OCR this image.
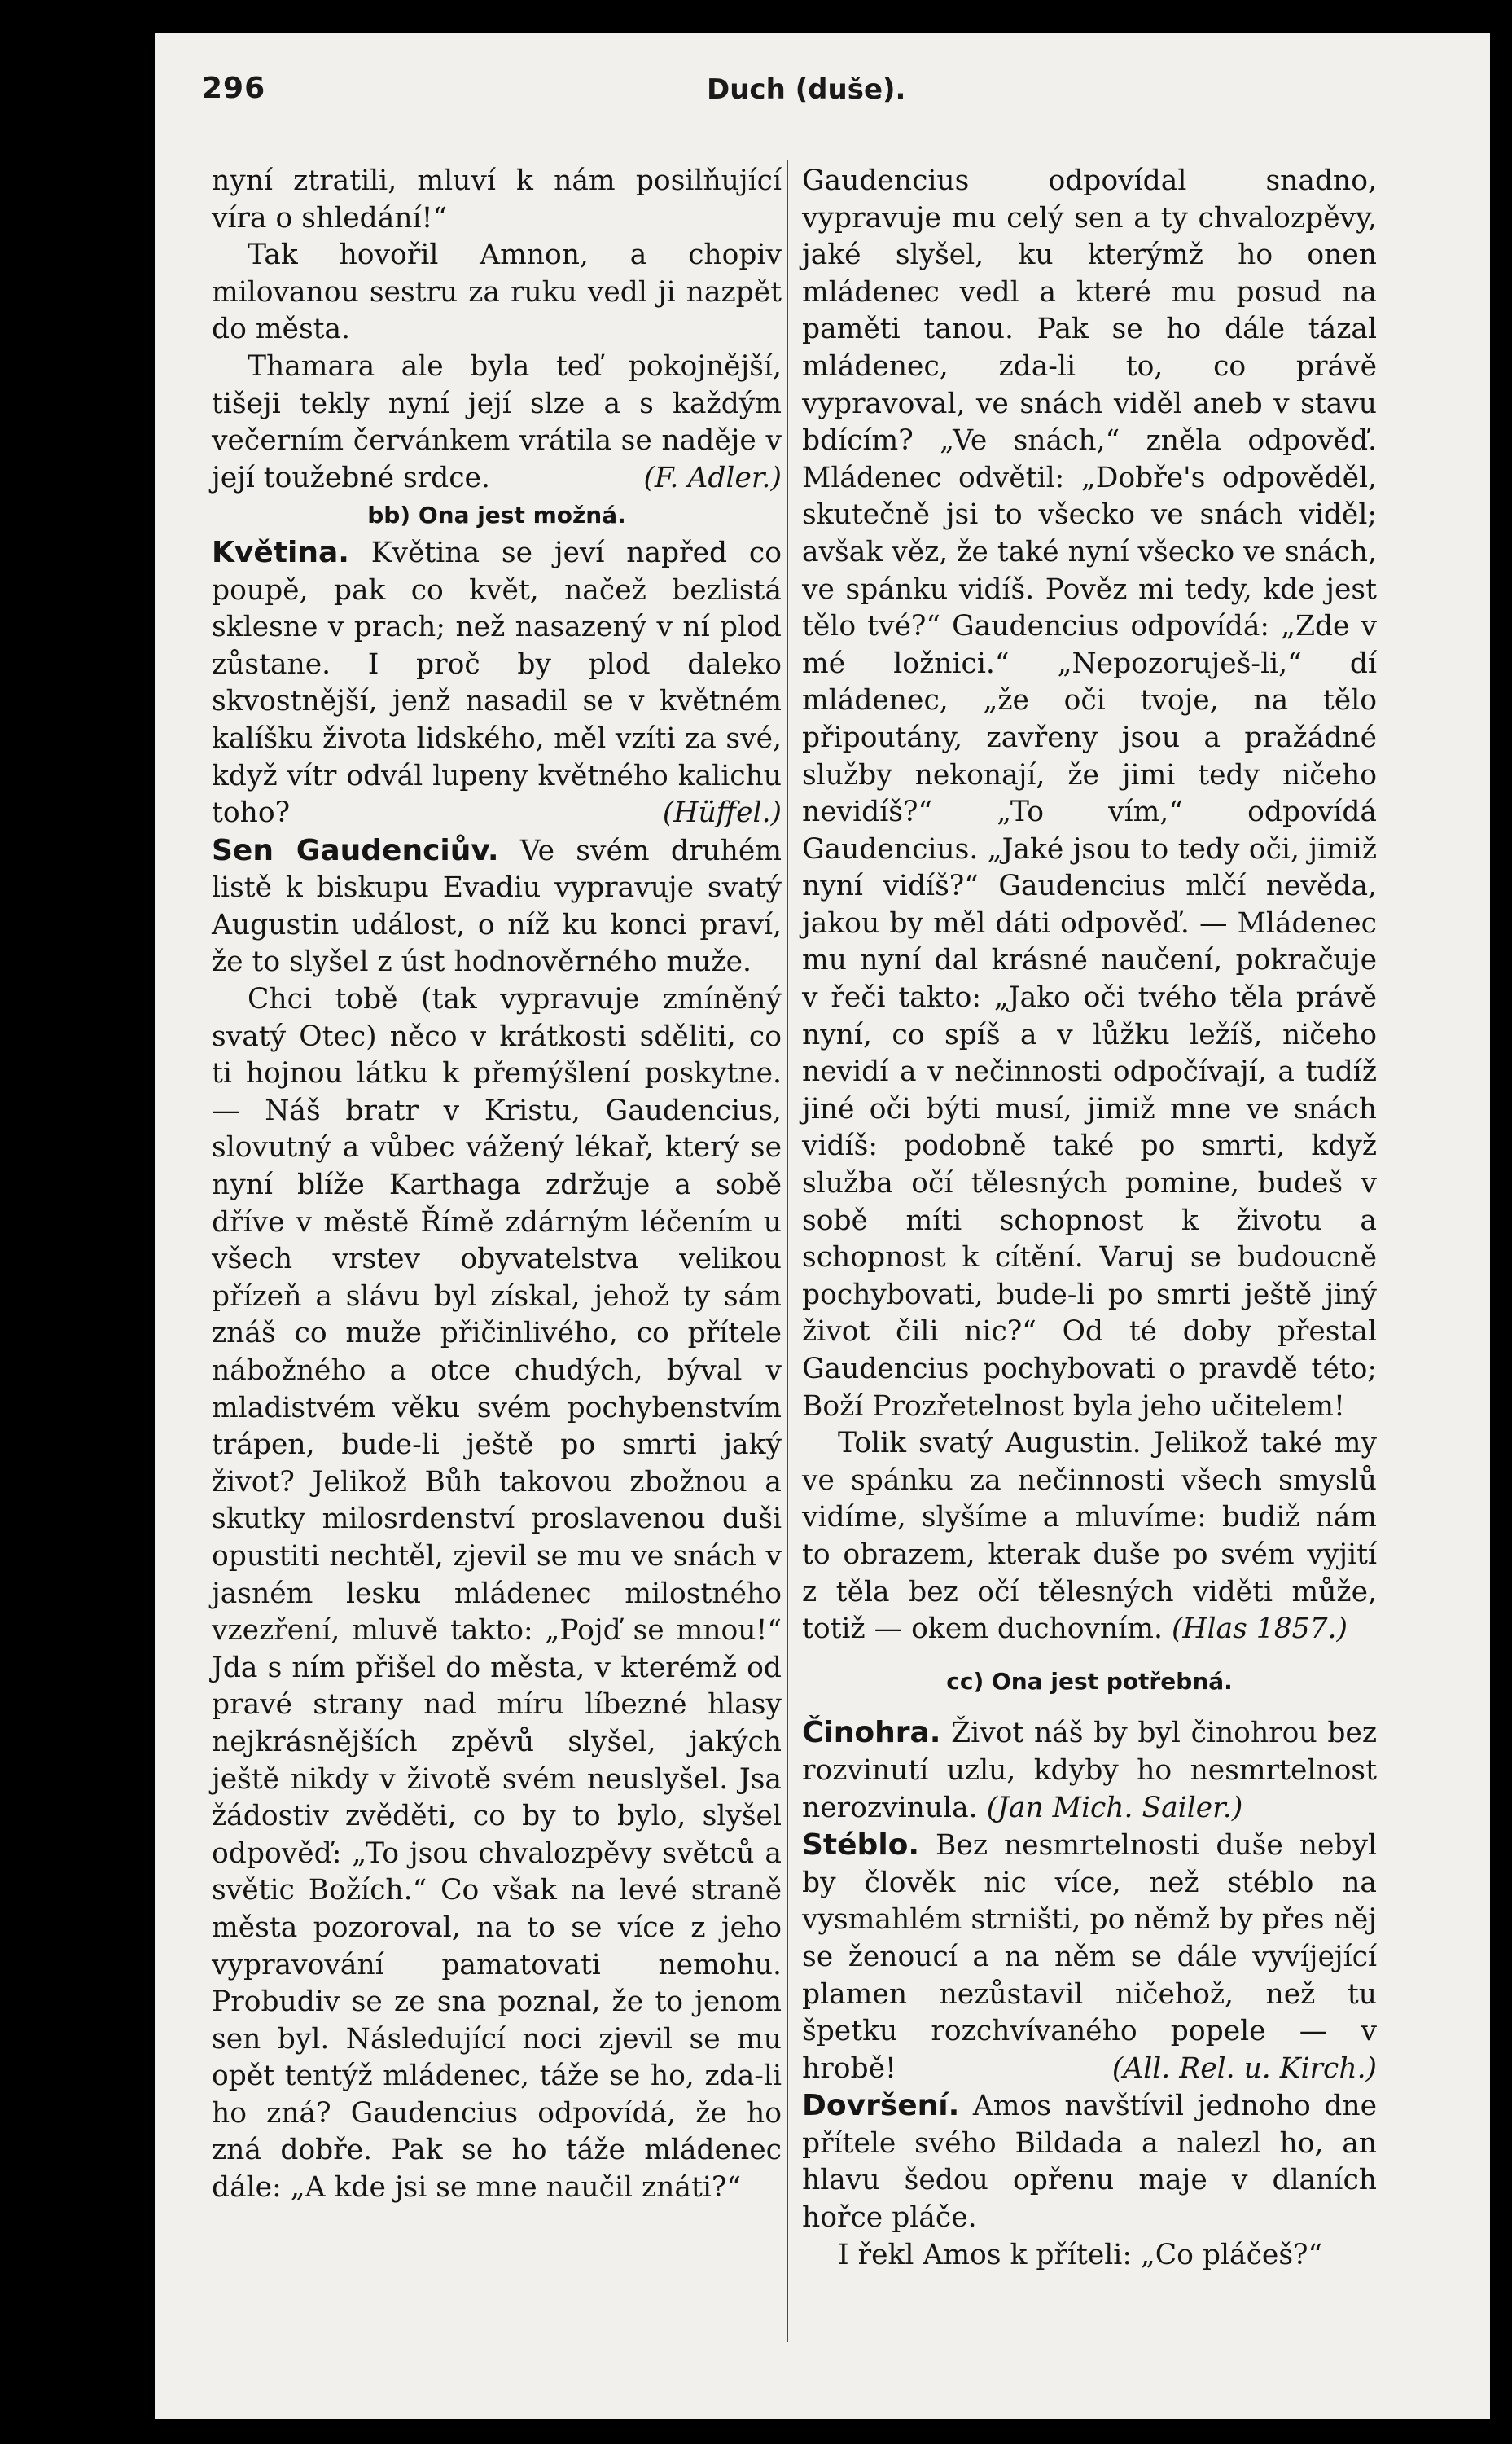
296	Duch (duše).

nyní ztratili, mluví k nám posilňující víra o shledání!“

Tak hovořil Amnon, a chopiv milovanou sestru za ruku vedl ji nazpět do města.

Thamara ale byla teď pokojnější, tišeji tekly nyní její slze a s každým večerním červánkem vrátila se naděje v její toužebné srdce.	(F. Adler.)

bb) Ona jest možná.

Květina. Květina se jeví napřed co poupě, pak co květ, načež bezlistá sklesne v prach; než nasazený v ní plod zůstane. I proč by plod daleko skvostnější, jenž nasadil se v květném kalíšku života lidského, měl vzíti za své, když vítr odvál lupeny květného kalichu toho?	(Hüffel.)

Sen Gaudenciův. Ve svém druhém listě k biskupu Evadiu vypravuje svatý Augustin událost, o níž ku konci praví, že to slyšel z úst hodnověrného muže.

Chci tobě (tak vypravuje zmíněný svatý Otec) něco v krátkosti sděliti, co ti hojnou látku k přemýšlení poskytne. — Náš bratr v Kristu, Gaudencius, slovutný a vůbec vážený lékař, který se nyní blíže Karthaga zdržuje a sobě dříve v městě Římě zdárným léčením u všech vrstev obyvatelstva velikou přízeň a slávu byl získal, jehož ty sám znáš co muže přičinlivého, co přítele nábožného a otce chudých, býval v mladistvém věku svém pochybenstvím trápen, bude-li ještě po smrti jaký život? Jelikož Bůh takovou zbožnou a skutky milosrdenství proslavenou duši opustiti nechtěl, zjevil se mu ve snách v jasném lesku mládenec milostného vzezření, mluvě takto: „Pojď se mnou!“ Jda s ním přišel do města, v kterémž od pravé strany nad míru líbezné hlasy nejkrásnějších zpěvů slyšel, jakých ještě nikdy v životě svém neuslyšel. Jsa žádostiv zvěděti, co by to bylo, slyšel odpověď: „To jsou chvalozpěvy světců a světic Božích.“ Co však na levé straně města pozoroval, na to se více z jeho vypravování pamatovati nemohu. Probudiv se ze sna poznal, že to jenom sen byl. Následující noci zjevil se mu opět tentýž mládenec, táže se ho, zda-li ho zná? Gaudencius odpovídá, že ho zná dobře. Pak se ho táže mládenec dále: „A kde jsi se mne naučil znáti?“

Gaudencius odpovídal snadno, vypravuje mu celý sen a ty chvalozpěvy, jaké slyšel, ku kterýmž ho onen mládenec vedl a které mu posud na paměti tanou. Pak se ho dále tázal mládenec, zda-li to, co právě vypravoval, ve snách viděl aneb v stavu bdícím? „Ve snách,“ zněla odpověď. Mládenec odvětil: „Dobře's odpověděl, skutečně jsi to všecko ve snách viděl; avšak věz, že také nyní všecko ve snách, ve spánku vidíš. Pověz mi tedy, kde jest tělo tvé?“ Gaudencius odpovídá: „Zde v mé ložnici.“ „Nepozoruješ-li,“ dí mládenec, „že oči tvoje, na tělo připoutány, zavřeny jsou a pražádné služby nekonají, že jimi tedy ničeho nevidíš?“ „To vím,“ odpovídá Gaudencius. „Jaké jsou to tedy oči, jimiž nyní vidíš?“ Gaudencius mlčí nevěda, jakou by měl dáti odpověď. — Mládenec mu nyní dal krásné naučení, pokračuje v řeči takto: „Jako oči tvého těla právě nyní, co spíš a v lůžku ležíš, ničeho nevidí a v nečinnosti odpočívají, a tudíž jiné oči býti musí, jimiž mne ve snách vidíš: podobně také po smrti, když služba očí tělesných pomine, budeš v sobě míti schopnost k životu a schopnost k cítění. Varuj se budoucně pochybovati, bude-li po smrti ještě jiný život čili nic?“ Od té doby přestal Gaudencius pochybovati o pravdě této; Boží Prozřetelnost byla jeho učitelem!

Tolik svatý Augustin. Jelikož také my ve spánku za nečinnosti všech smyslů vidíme, slyšíme a mluvíme: budiž nám to obrazem, kterak duše po svém vyjití z těla bez očí tělesných viděti může, totiž — okem duchovním. (Hlas 1857.)

cc) Ona jest potřebná.

Činohra. Život náš by byl činohrou bez rozvinutí uzlu, kdyby ho nesmrtelnost nerozvinula. (Jan Mich. Sailer.)

Stéblo. Bez nesmrtelnosti duše nebyl by člověk nic více, než stéblo na vysmahlém strništi, po němž by přes něj se ženoucí a na něm se dále vyvíjející plamen nezůstavil ničehož, než tu špetku rozchvívaného popele — v hrobě!	(All. Rel. u. Kirch.)

Dovršení. Amos navštívil jednoho dne přítele svého Bildada a nalezl ho, an hlavu šedou opřenu maje v dlaních hořce pláče.

I řekl Amos k příteli: „Co pláčeš?“
